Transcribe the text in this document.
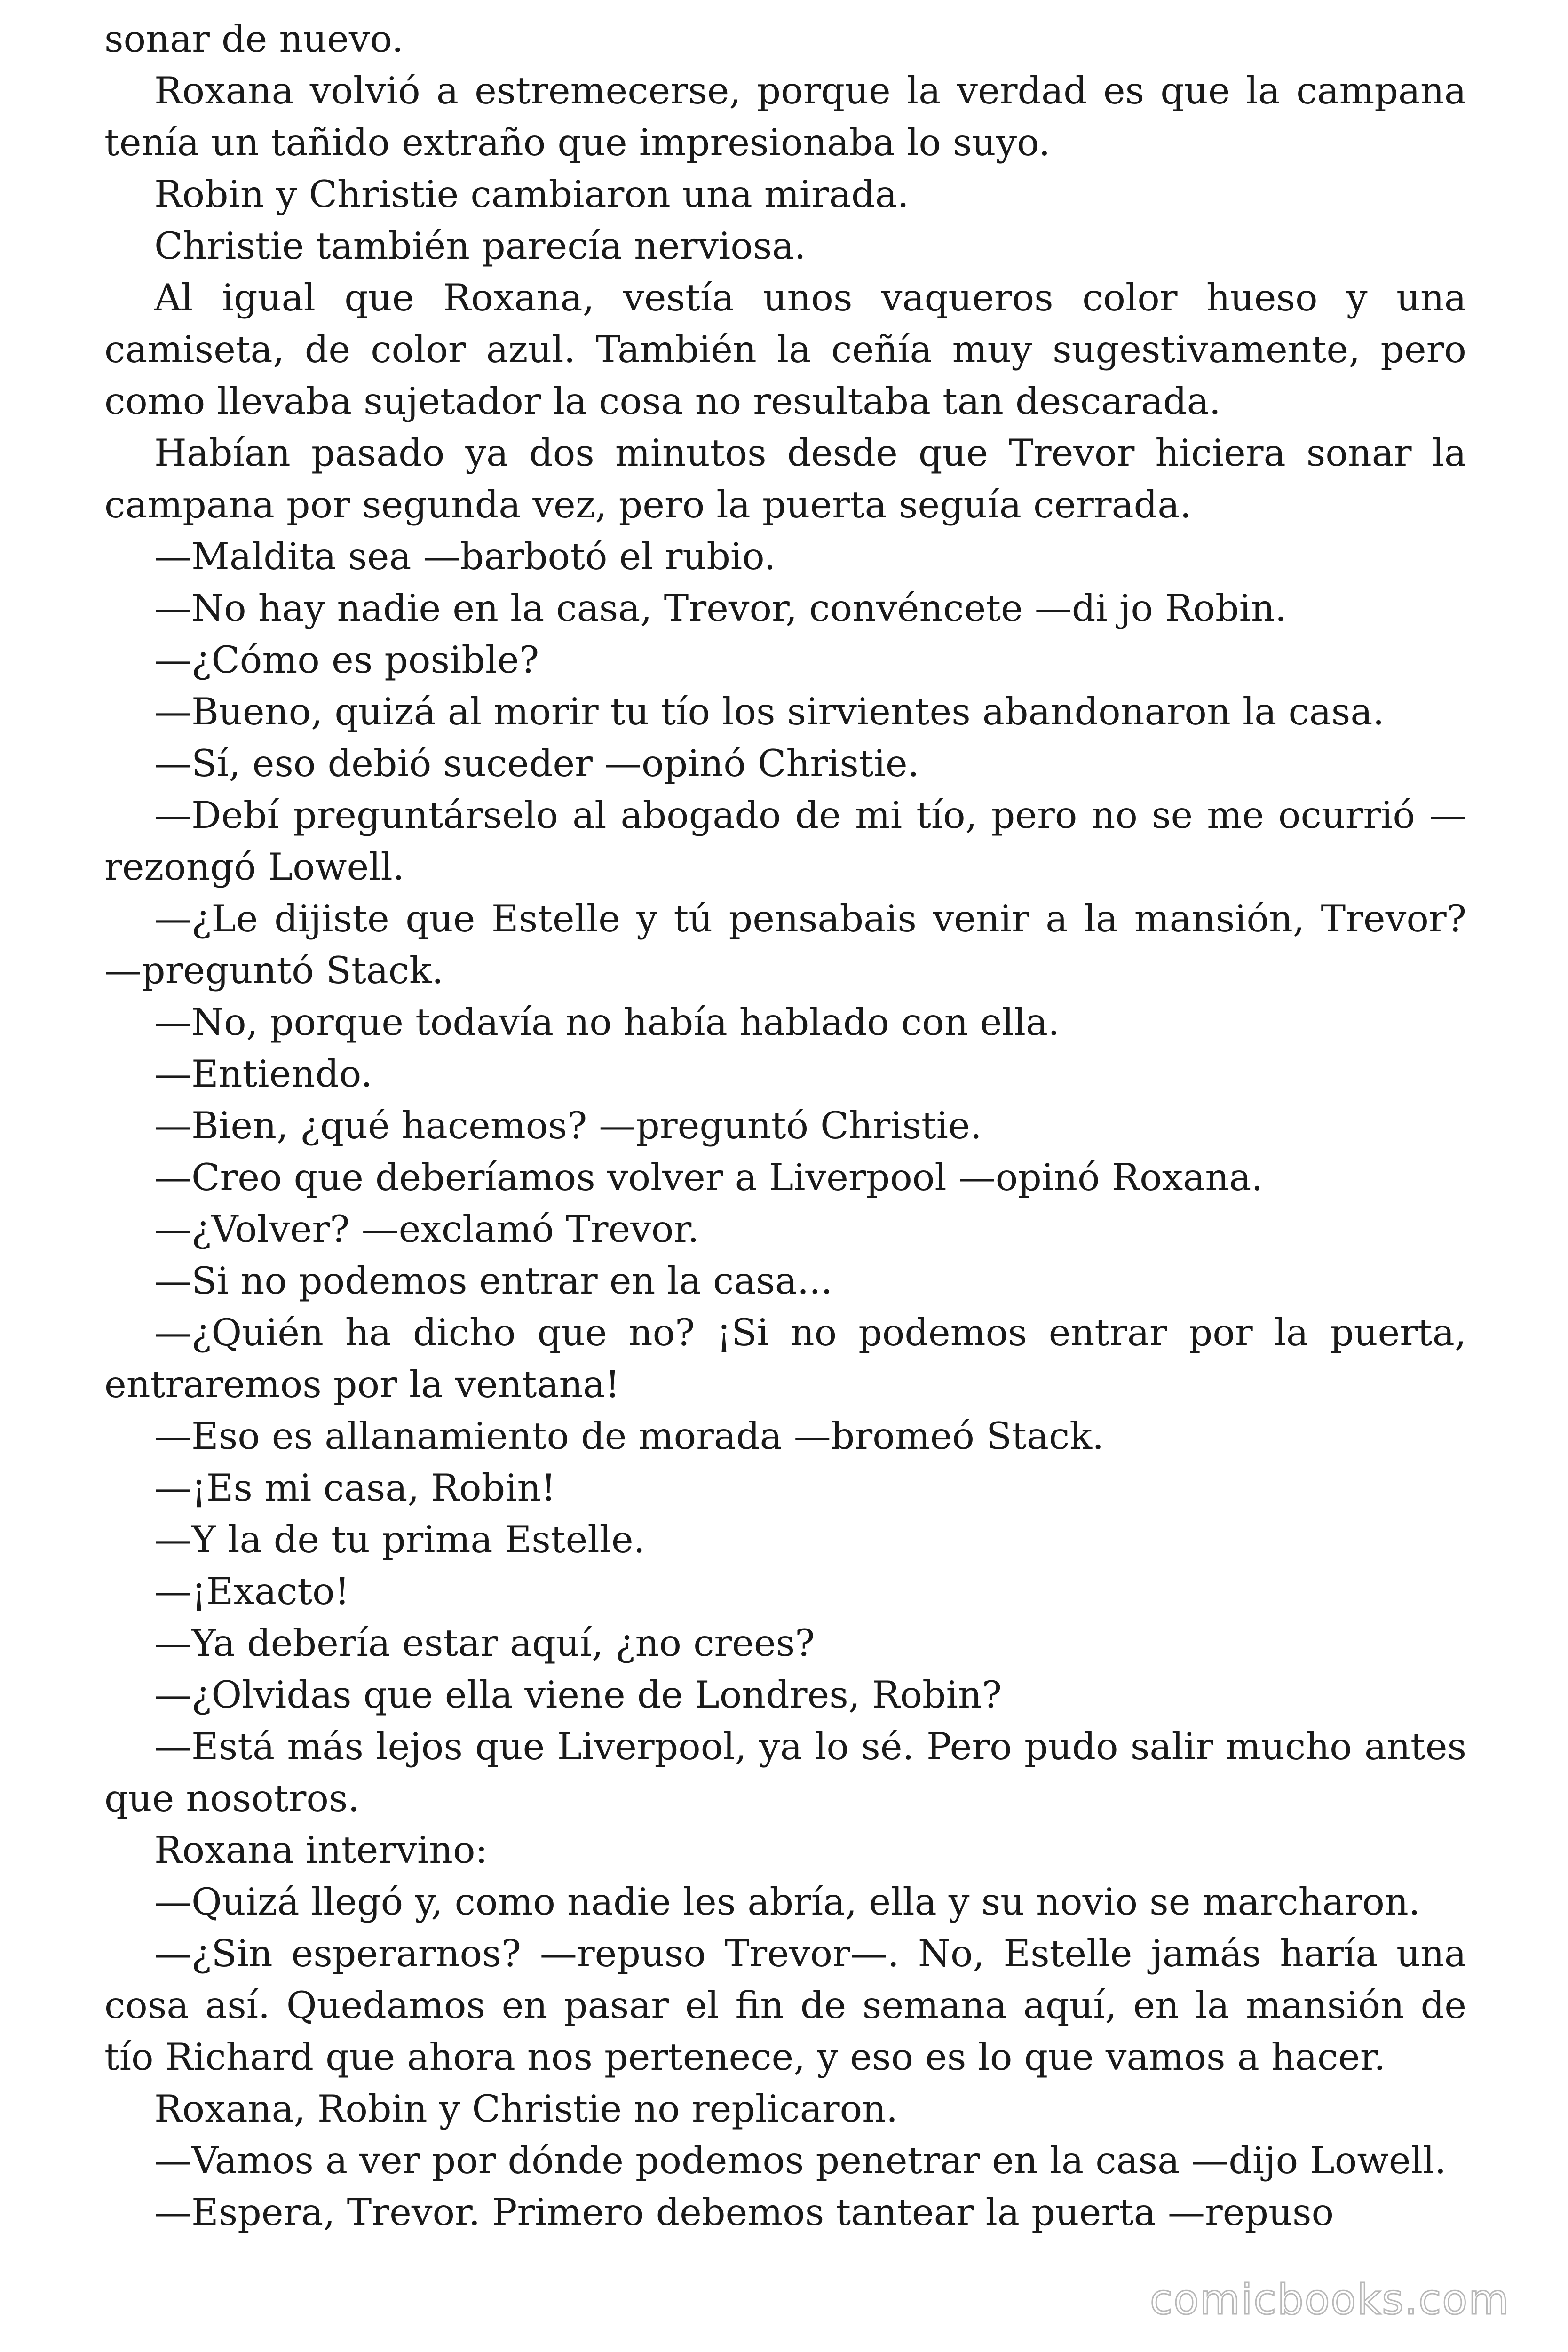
sonar de nuevo.

Roxana volvió a estremecerse, porque la verdad es que la campana tenía un tañido extraño que impresionaba lo suyo.

Robin y Christie cambiaron una mirada.

Christie también parecía nerviosa.

Al igual que Roxana, vestía unos vaqueros color hueso y una camiseta, de color azul. También la ceñía muy sugestivamente, pero como llevaba sujetador la cosa no resultaba tan descarada.

Habían pasado ya dos minutos desde que Trevor hiciera sonar la campana por segunda vez, pero la puerta seguía cerrada.

—Maldita sea —barbotó el rubio.

—No hay nadie en la casa, Trevor, convéncete —di jo Robin.

—¿Cómo es posible?

—Bueno, quizá al morir tu tío los sirvientes abandonaron la casa.

—Sí, eso debió suceder —opinó Christie.

—Debí preguntárselo al abogado de mi tío, pero no se me ocurrió —rezongó Lowell.

—¿Le dijiste que Estelle y tú pensabais venir a la mansión, Trevor? —preguntó Stack.

—No, porque todavía no había hablado con ella.

—Entiendo.

—Bien, ¿qué hacemos? —preguntó Christie.

—Creo que deberíamos volver a Liverpool —opinó Roxana.

—¿Volver? —exclamó Trevor.

—Si no podemos entrar en la casa...

—¿Quién ha dicho que no? ¡Si no podemos entrar por la puerta, entraremos por la ventana!

—Eso es allanamiento de morada —bromeó Stack.

—¡Es mi casa, Robin!

—Y la de tu prima Estelle.

—¡Exacto!

—Ya debería estar aquí, ¿no crees?

—¿Olvidas que ella viene de Londres, Robin?

—Está más lejos que Liverpool, ya lo sé. Pero pudo salir mucho antes que nosotros.

Roxana intervino:

—Quizá llegó y, como nadie les abría, ella y su novio se marcharon.

—¿Sin esperarnos? —repuso Trevor—. No, Estelle jamás haría una cosa así. Quedamos en pasar el fin de semana aquí, en la mansión de tío Richard que ahora nos pertenece, y eso es lo que vamos a hacer.

Roxana, Robin y Christie no replicaron.

—Vamos a ver por dónde podemos penetrar en la casa —dijo Lowell.

—Espera, Trevor. Primero debemos tantear la puerta —repuso

comicbooks.com
